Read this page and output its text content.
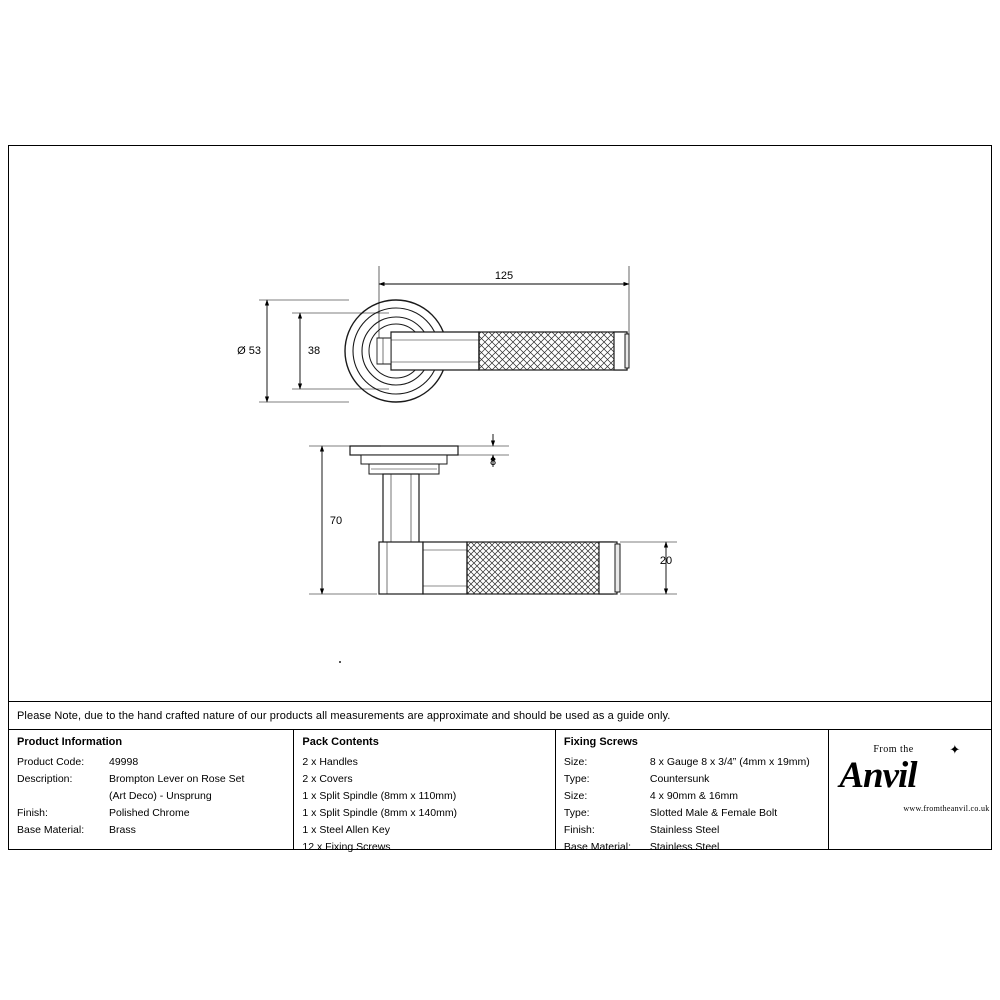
125
Ø 53	38
8
70
20
Please Note, due to the hand crafted nature of our products all measurements are approximate and should be used as a guide only.
Product Information
Product Code:	49998
Description:	Brompton Lever on Rose Set
(Art Deco) - Unsprung
Finish:	Polished Chrome
Base Material:	Brass
Pack Contents
2 x Handles
2 x Covers
1 x Split Spindle (8mm x 110mm)
1 x Split Spindle (8mm x 140mm)
1 x Steel Allen Key
12 x Fixing Screws
Fixing Screws
Size:	8 x Gauge 8 x 3/4” (4mm x 19mm)
Type:	Countersunk
Size:	4 x 90mm & 16mm
Type:	Slotted Male & Female Bolt
Finish:	Stainless Steel
Base Material:	Stainless Steel
From the	✦
Anvil
www.fromtheanvil.co.uk
